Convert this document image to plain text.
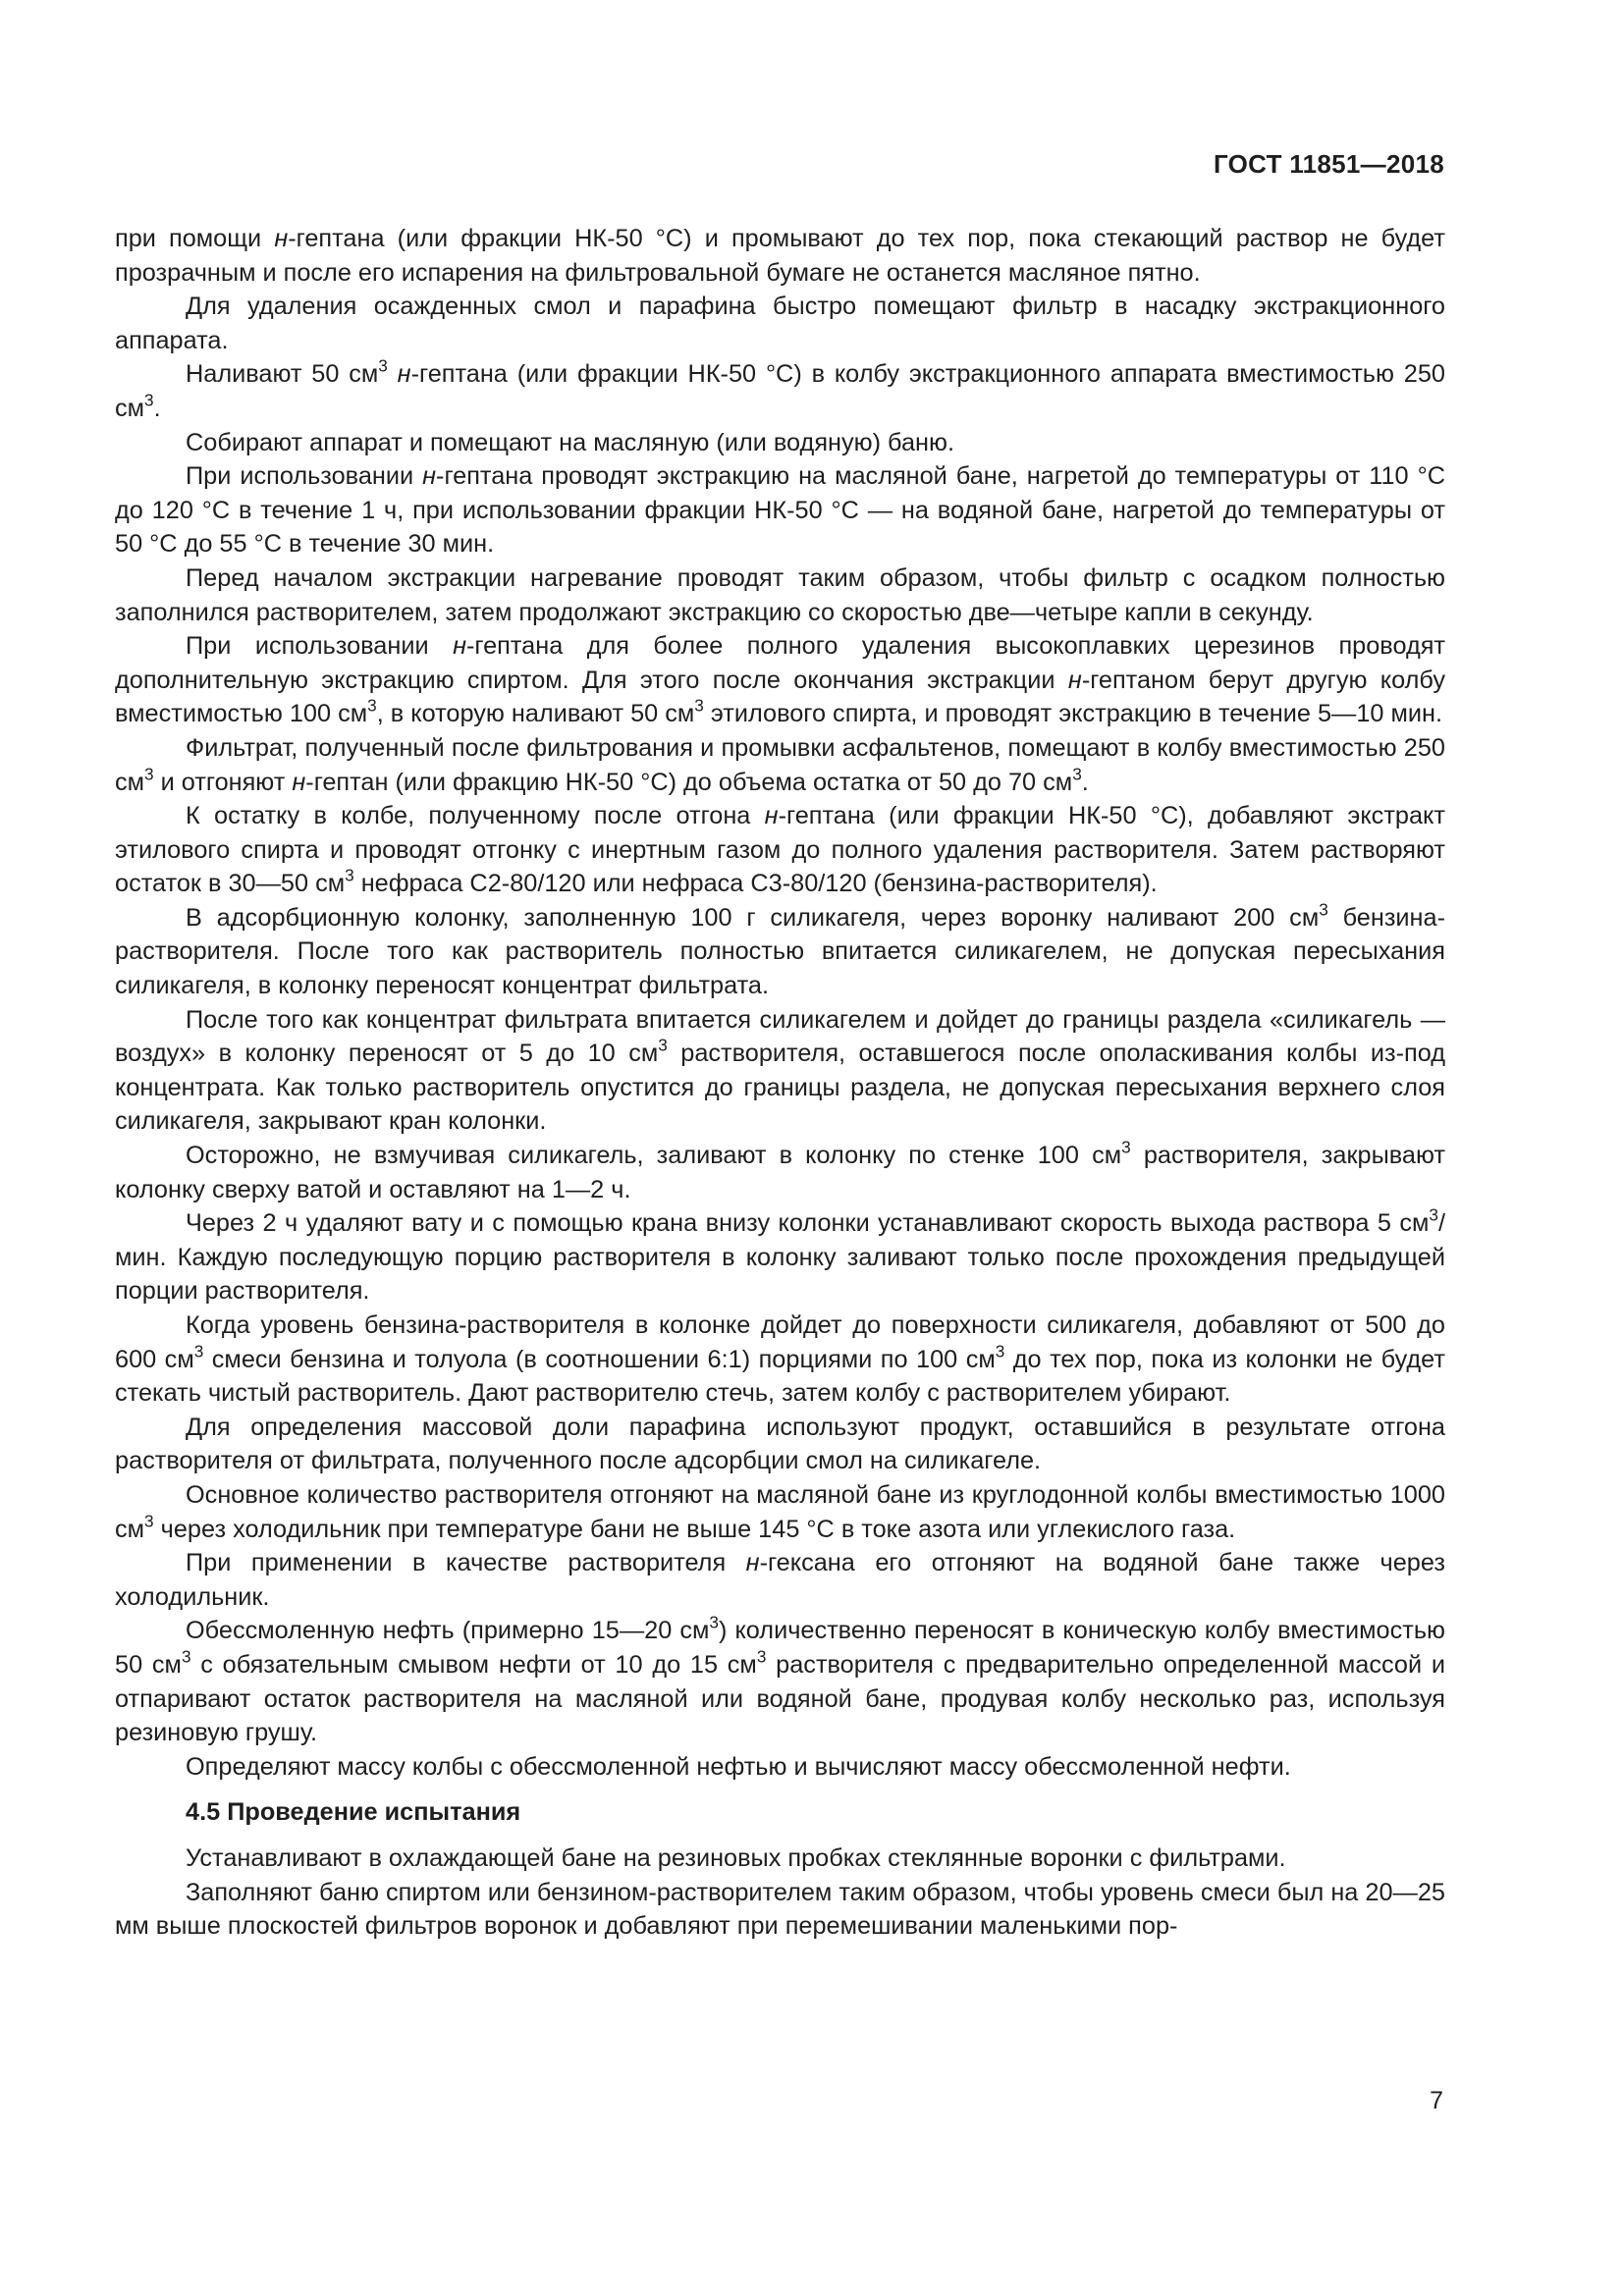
ГОСТ 11851—2018

при помощи н-гептана (или фракции НК-50 °С) и промывают до тех пор, пока стекающий раствор не будет прозрачным и после его испарения на фильтровальной бумаге не останется масляное пятно.

Для удаления осажденных смол и парафина быстро помещают фильтр в насадку экстракционного аппарата.

Наливают 50 $см^3$ н-гептана (или фракции НК-50 °С) в колбу экстракционного аппарата вместимостью 250 $см^3$.

Собирают аппарат и помещают на масляную (или водяную) баню.

При использовании н-гептана проводят экстракцию на масляной бане, нагретой до температуры от 110 °С до 120 °С в течение 1 ч, при использовании фракции НК-50 °С — на водяной бане, нагретой до температуры от 50 °С до 55 °С в течение 30 мин.

Перед началом экстракции нагревание проводят таким образом, чтобы фильтр с осадком полностью заполнился растворителем, затем продолжают экстракцию со скоростью две—четыре капли в секунду.

При использовании н-гептана для более полного удаления высокоплавких церезинов проводят дополнительную экстракцию спиртом. Для этого после окончания экстракции н-гептаном берут другую колбу вместимостью 100 $см^3$, в которую наливают 50 $см^3$ этилового спирта, и проводят экстракцию в течение 5—10 мин.

Фильтрат, полученный после фильтрования и промывки асфальтенов, помещают в колбу вместимостью 250 $см^3$ и отгоняют н-гептан (или фракцию НК-50 °С) до объема остатка от 50 до 70 $см^3$.

К остатку в колбе, полученному после отгона н-гептана (или фракции НК-50 °С), добавляют экстракт этилового спирта и проводят отгонку с инертным газом до полного удаления растворителя. Затем растворяют остаток в 30—50 $см^3$ нефраса С2-80/120 или нефраса С3-80/120 (бензина-растворителя).

В адсорбционную колонку, заполненную 100 г силикагеля, через воронку наливают 200 $см^3$ бензина-растворителя. После того как растворитель полностью впитается силикагелем, не допуская пересыхания силикагеля, в колонку переносят концентрат фильтрата.

После того как концентрат фильтрата впитается силикагелем и дойдет до границы раздела «силикагель — воздух» в колонку переносят от 5 до 10 $см^3$ растворителя, оставшегося после ополаскивания колбы из-под концентрата. Как только растворитель опустится до границы раздела, не допуская пересыхания верхнего слоя силикагеля, закрывают кран колонки.

Осторожно, не взмучивая силикагель, заливают в колонку по стенке 100 $см^3$ растворителя, закрывают колонку сверху ватой и оставляют на 1—2 ч.

Через 2 ч удаляют вату и с помощью крана внизу колонки устанавливают скорость выхода раствора 5 $см^3$/мин. Каждую последующую порцию растворителя в колонку заливают только после прохождения предыдущей порции растворителя.

Когда уровень бензина-растворителя в колонке дойдет до поверхности силикагеля, добавляют от 500 до 600 $см^3$ смеси бензина и толуола (в соотношении 6:1) порциями по 100 $см^3$ до тех пор, пока из колонки не будет стекать чистый растворитель. Дают растворителю стечь, затем колбу с растворителем убирают.

Для определения массовой доли парафина используют продукт, оставшийся в результате отгона растворителя от фильтрата, полученного после адсорбции смол на силикагеле.

Основное количество растворителя отгоняют на масляной бане из круглодонной колбы вместимостью 1000 $см^3$ через холодильник при температуре бани не выше 145 °С в токе азота или углекислого газа.

При применении в качестве растворителя н-гексана его отгоняют на водяной бане также через холодильник.

Обессмоленную нефть (примерно 15—20 $см^3$) количественно переносят в коническую колбу вместимостью 50 $см^3$ с обязательным смывом нефти от 10 до 15 $см^3$ растворителя с предварительно определенной массой и отпаривают остаток растворителя на масляной или водяной бане, продувая колбу несколько раз, используя резиновую грушу.

Определяют массу колбы с обессмоленной нефтью и вычисляют массу обессмоленной нефти.

4.5 Проведение испытания

Устанавливают в охлаждающей бане на резиновых пробках стеклянные воронки с фильтрами.

Заполняют баню спиртом или бензином-растворителем таким образом, чтобы уровень смеси был на 20—25 мм выше плоскостей фильтров воронок и добавляют при перемешивании маленькими пор-

7
